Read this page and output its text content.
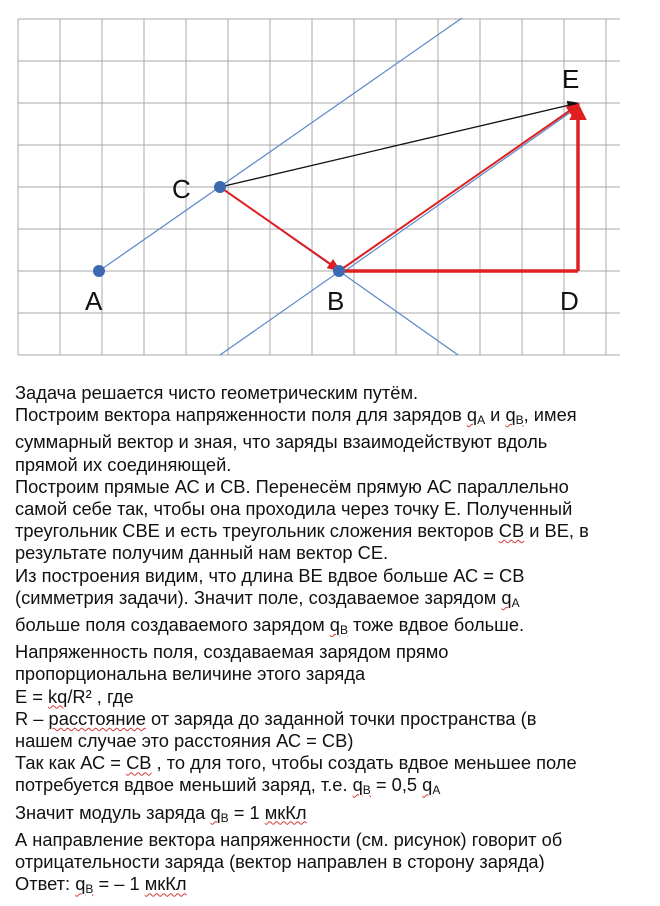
A	B
C
D
E

Задача решается чисто геометрическим путём.

Построим вектора напряженности поля для зарядов $q_A$ и $q_B$, имея

суммарный вектор и зная, что заряды взаимодействуют вдоль

прямой их соединяющей.

Построим прямые АС и СВ. Перенесём прямую АС параллельно

самой себе так, чтобы она проходила через точку Е. Полученный

треугольник СВЕ и есть треугольник сложения векторов СВ и ВЕ, в

результате получим данный нам вектор СЕ.

Из построения видим, что длина ВЕ вдвое больше АС = СВ

(симметрия задачи). Значит поле, создаваемое зарядом $q_A$

больше поля создаваемого зарядом $q_B$ тоже вдвое больше.

Напряженность поля, создаваемая зарядом прямо

пропорциональна величине этого заряда

E = kq/R² , где

R – расстояние от заряда до заданной точки пространства (в

нашем случае это расстояния АС = СВ)

Так как АС = СВ , то для того, чтобы создать вдвое меньшее поле

потребуется вдвое меньший заряд, т.е. $q_B = 0,5$ $q_A$

Значит модуль заряда $q_B = 1$ мкКл

А направление вектора напряженности (см. рисунок) говорит об

отрицательности заряда (вектор направлен в сторону заряда)

Ответ: $q_B$ = – 1 мкКл
